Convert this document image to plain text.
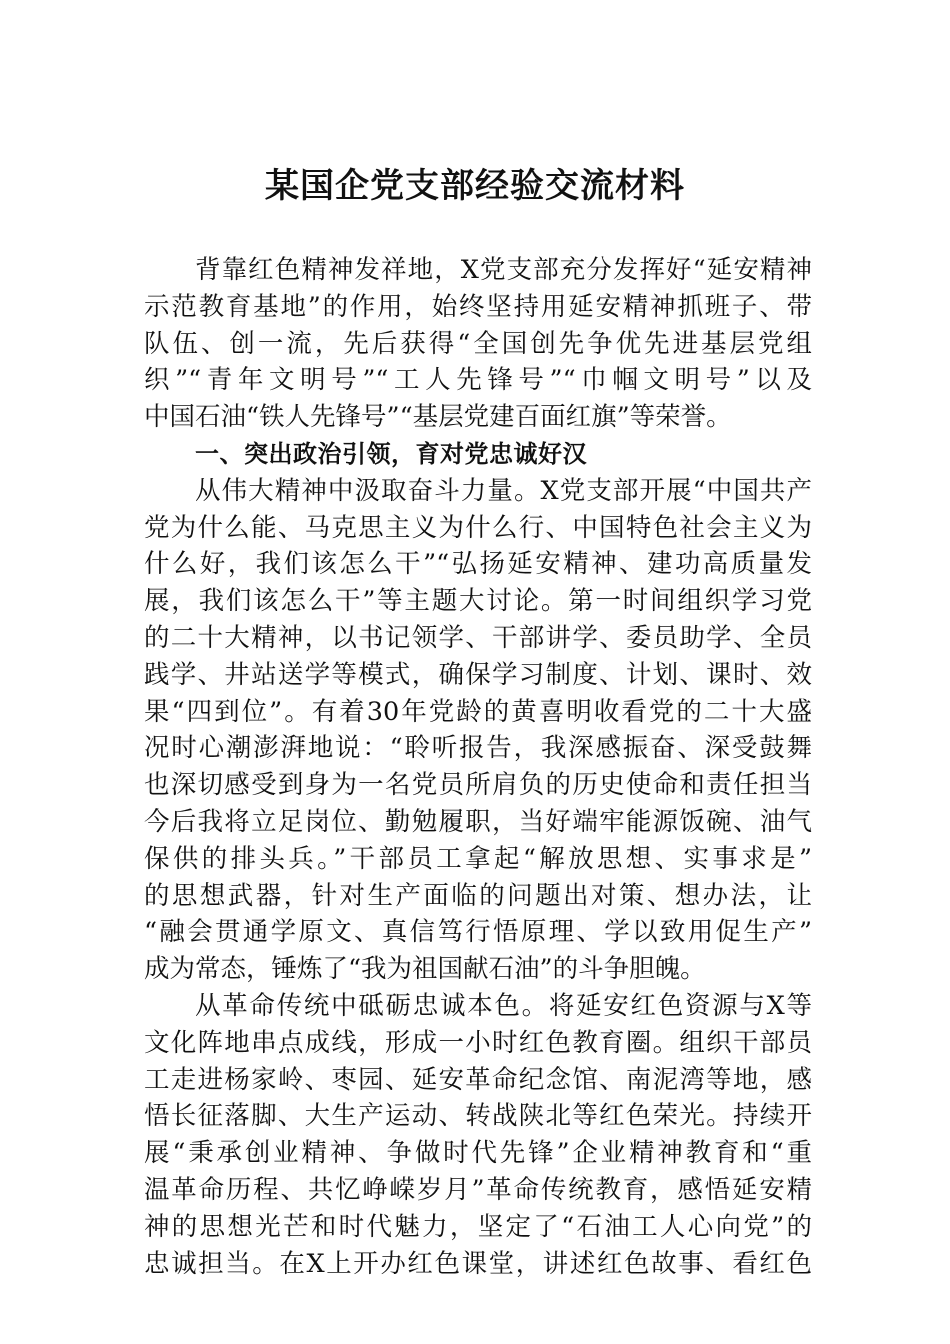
某国企党支部经验交流材料
背靠红色精神发祥地，X党支部充分发挥好“延安精神
示范教育基地”的作用，始终坚持用延安精神抓班子、带
队伍、创一流，先后获得“全国创先争优先进基层党组
织”“青年文明号”“工人先锋号”“巾帼文明号”以及
中国石油“铁人先锋号”“基层党建百面红旗”等荣誉。
一、突出政治引领，育对党忠诚好汉
从伟大精神中汲取奋斗力量。X党支部开展“中国共产
党为什么能、马克思主义为什么行、中国特色社会主义为
什么好，我们该怎么干”“弘扬延安精神、建功高质量发
展，我们该怎么干”等主题大讨论。第一时间组织学习党
的二十大精神，以书记领学、干部讲学、委员助学、全员
践学、井站送学等模式，确保学习制度、计划、课时、效
果“四到位”。有着30年党龄的黄喜明收看党的二十大盛
况时心潮澎湃地说：“聆听报告，我深感振奋、深受鼓舞
也深切感受到身为一名党员所肩负的历史使命和责任担当
今后我将立足岗位、勤勉履职，当好端牢能源饭碗、油气
保供的排头兵。”干部员工拿起“解放思想、实事求是”
的思想武器，针对生产面临的问题出对策、想办法，让
“融会贯通学原文、真信笃行悟原理、学以致用促生产”
成为常态，锤炼了“我为祖国献石油”的斗争胆魄。
从革命传统中砥砺忠诚本色。将延安红色资源与X等
文化阵地串点成线，形成一小时红色教育圈。组织干部员
工走进杨家岭、枣园、延安革命纪念馆、南泥湾等地，感
悟长征落脚、大生产运动、转战陕北等红色荣光。持续开
展“秉承创业精神、争做时代先锋”企业精神教育和“重
温革命历程、共忆峥嵘岁月”革命传统教育，感悟延安精
神的思想光芒和时代魅力，坚定了“石油工人心向党”的
忠诚担当。在X上开办红色课堂，讲述红色故事、看红色
